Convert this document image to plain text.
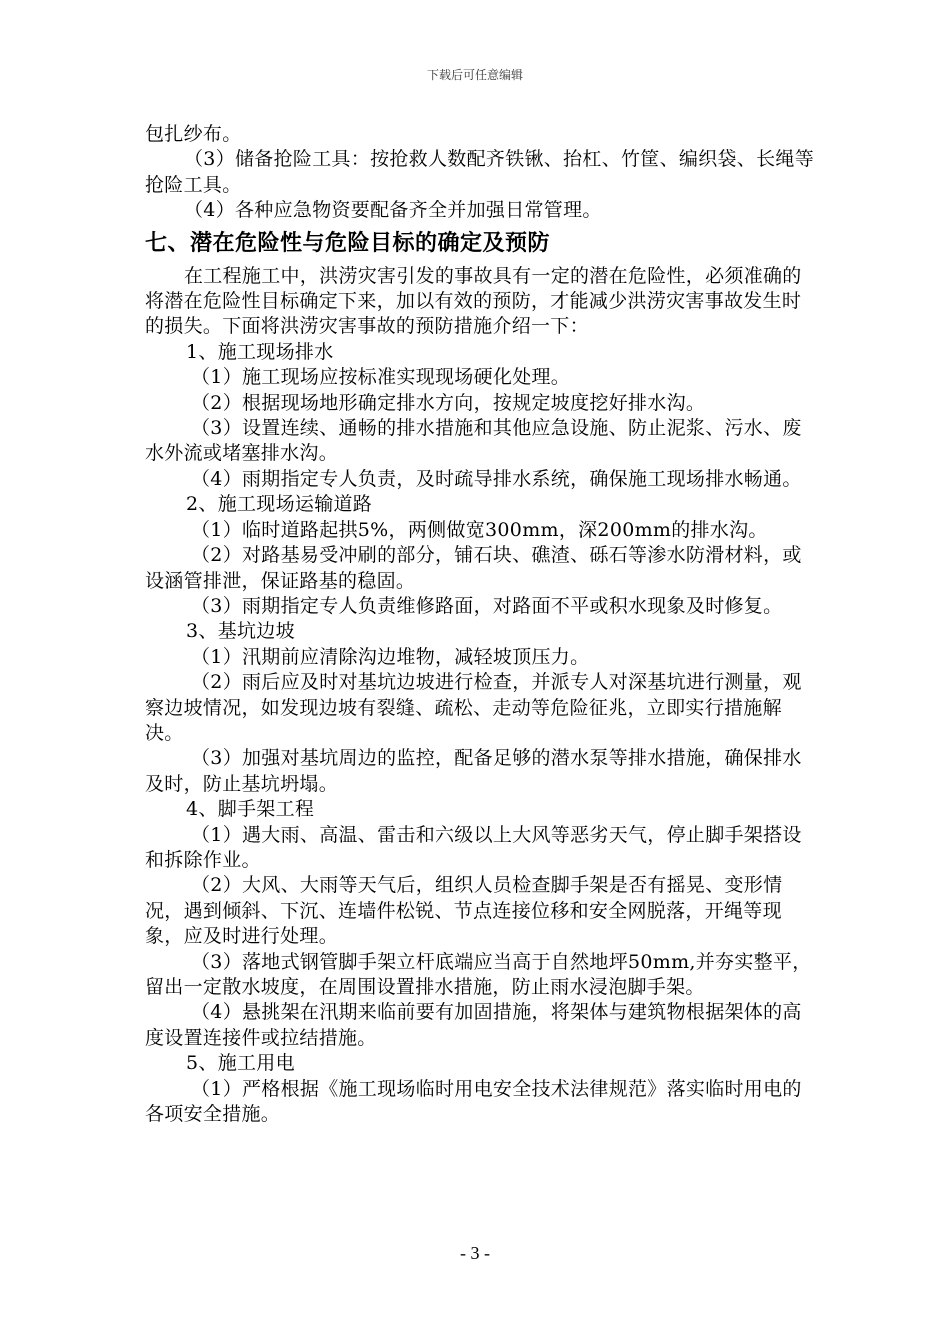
下载后可任意编辑

包扎纱布。

（3）储备抢险工具：按抢救人数配齐铁锹、抬杠、竹筐、编织袋、长绳等抢险工具。

（4）各种应急物资要配备齐全并加强日常管理。

七、潜在危险性与危险目标的确定及预防

在工程施工中，洪涝灾害引发的事故具有一定的潜在危险性，必须准确的将潜在危险性目标确定下来，加以有效的预防，才能减少洪涝灾害事故发生时的损失。下面将洪涝灾害事故的预防措施介绍一下：

1、施工现场排水

（1）施工现场应按标准实现现场硬化处理。

（2）根据现场地形确定排水方向，按规定坡度挖好排水沟。

（3）设置连续、通畅的排水措施和其他应急设施、防止泥浆、污水、废水外流或堵塞排水沟。

（4）雨期指定专人负责，及时疏导排水系统，确保施工现场排水畅通。

2、施工现场运输道路

（1）临时道路起拱5%，两侧做宽300mm，深200mm的排水沟。

（2）对路基易受冲刷的部分，铺石块、礁渣、砾石等渗水防滑材料，或设涵管排泄，保证路基的稳固。

（3）雨期指定专人负责维修路面，对路面不平或积水现象及时修复。

3、基坑边坡

（1）汛期前应清除沟边堆物，减轻坡顶压力。

（2）雨后应及时对基坑边坡进行检查，并派专人对深基坑进行测量，观察边坡情况，如发现边坡有裂缝、疏松、走动等危险征兆，立即实行措施解决。

（3）加强对基坑周边的监控，配备足够的潜水泵等排水措施，确保排水及时，防止基坑坍塌。

4、脚手架工程

（1）遇大雨、高温、雷击和六级以上大风等恶劣天气，停止脚手架搭设和拆除作业。

（2）大风、大雨等天气后，组织人员检查脚手架是否有摇晃、变形情况，遇到倾斜、下沉、连墙件松锐、节点连接位移和安全网脱落，开绳等现象，应及时进行处理。

（3）落地式钢管脚手架立杆底端应当高于自然地坪50mm,并夯实整平，留出一定散水坡度，在周围设置排水措施，防止雨水浸泡脚手架。

（4）悬挑架在汛期来临前要有加固措施，将架体与建筑物根据架体的高度设置连接件或拉结措施。

5、施工用电

（1）严格根据《施工现场临时用电安全技术法律规范》落实临时用电的各项安全措施。

- 3 -
